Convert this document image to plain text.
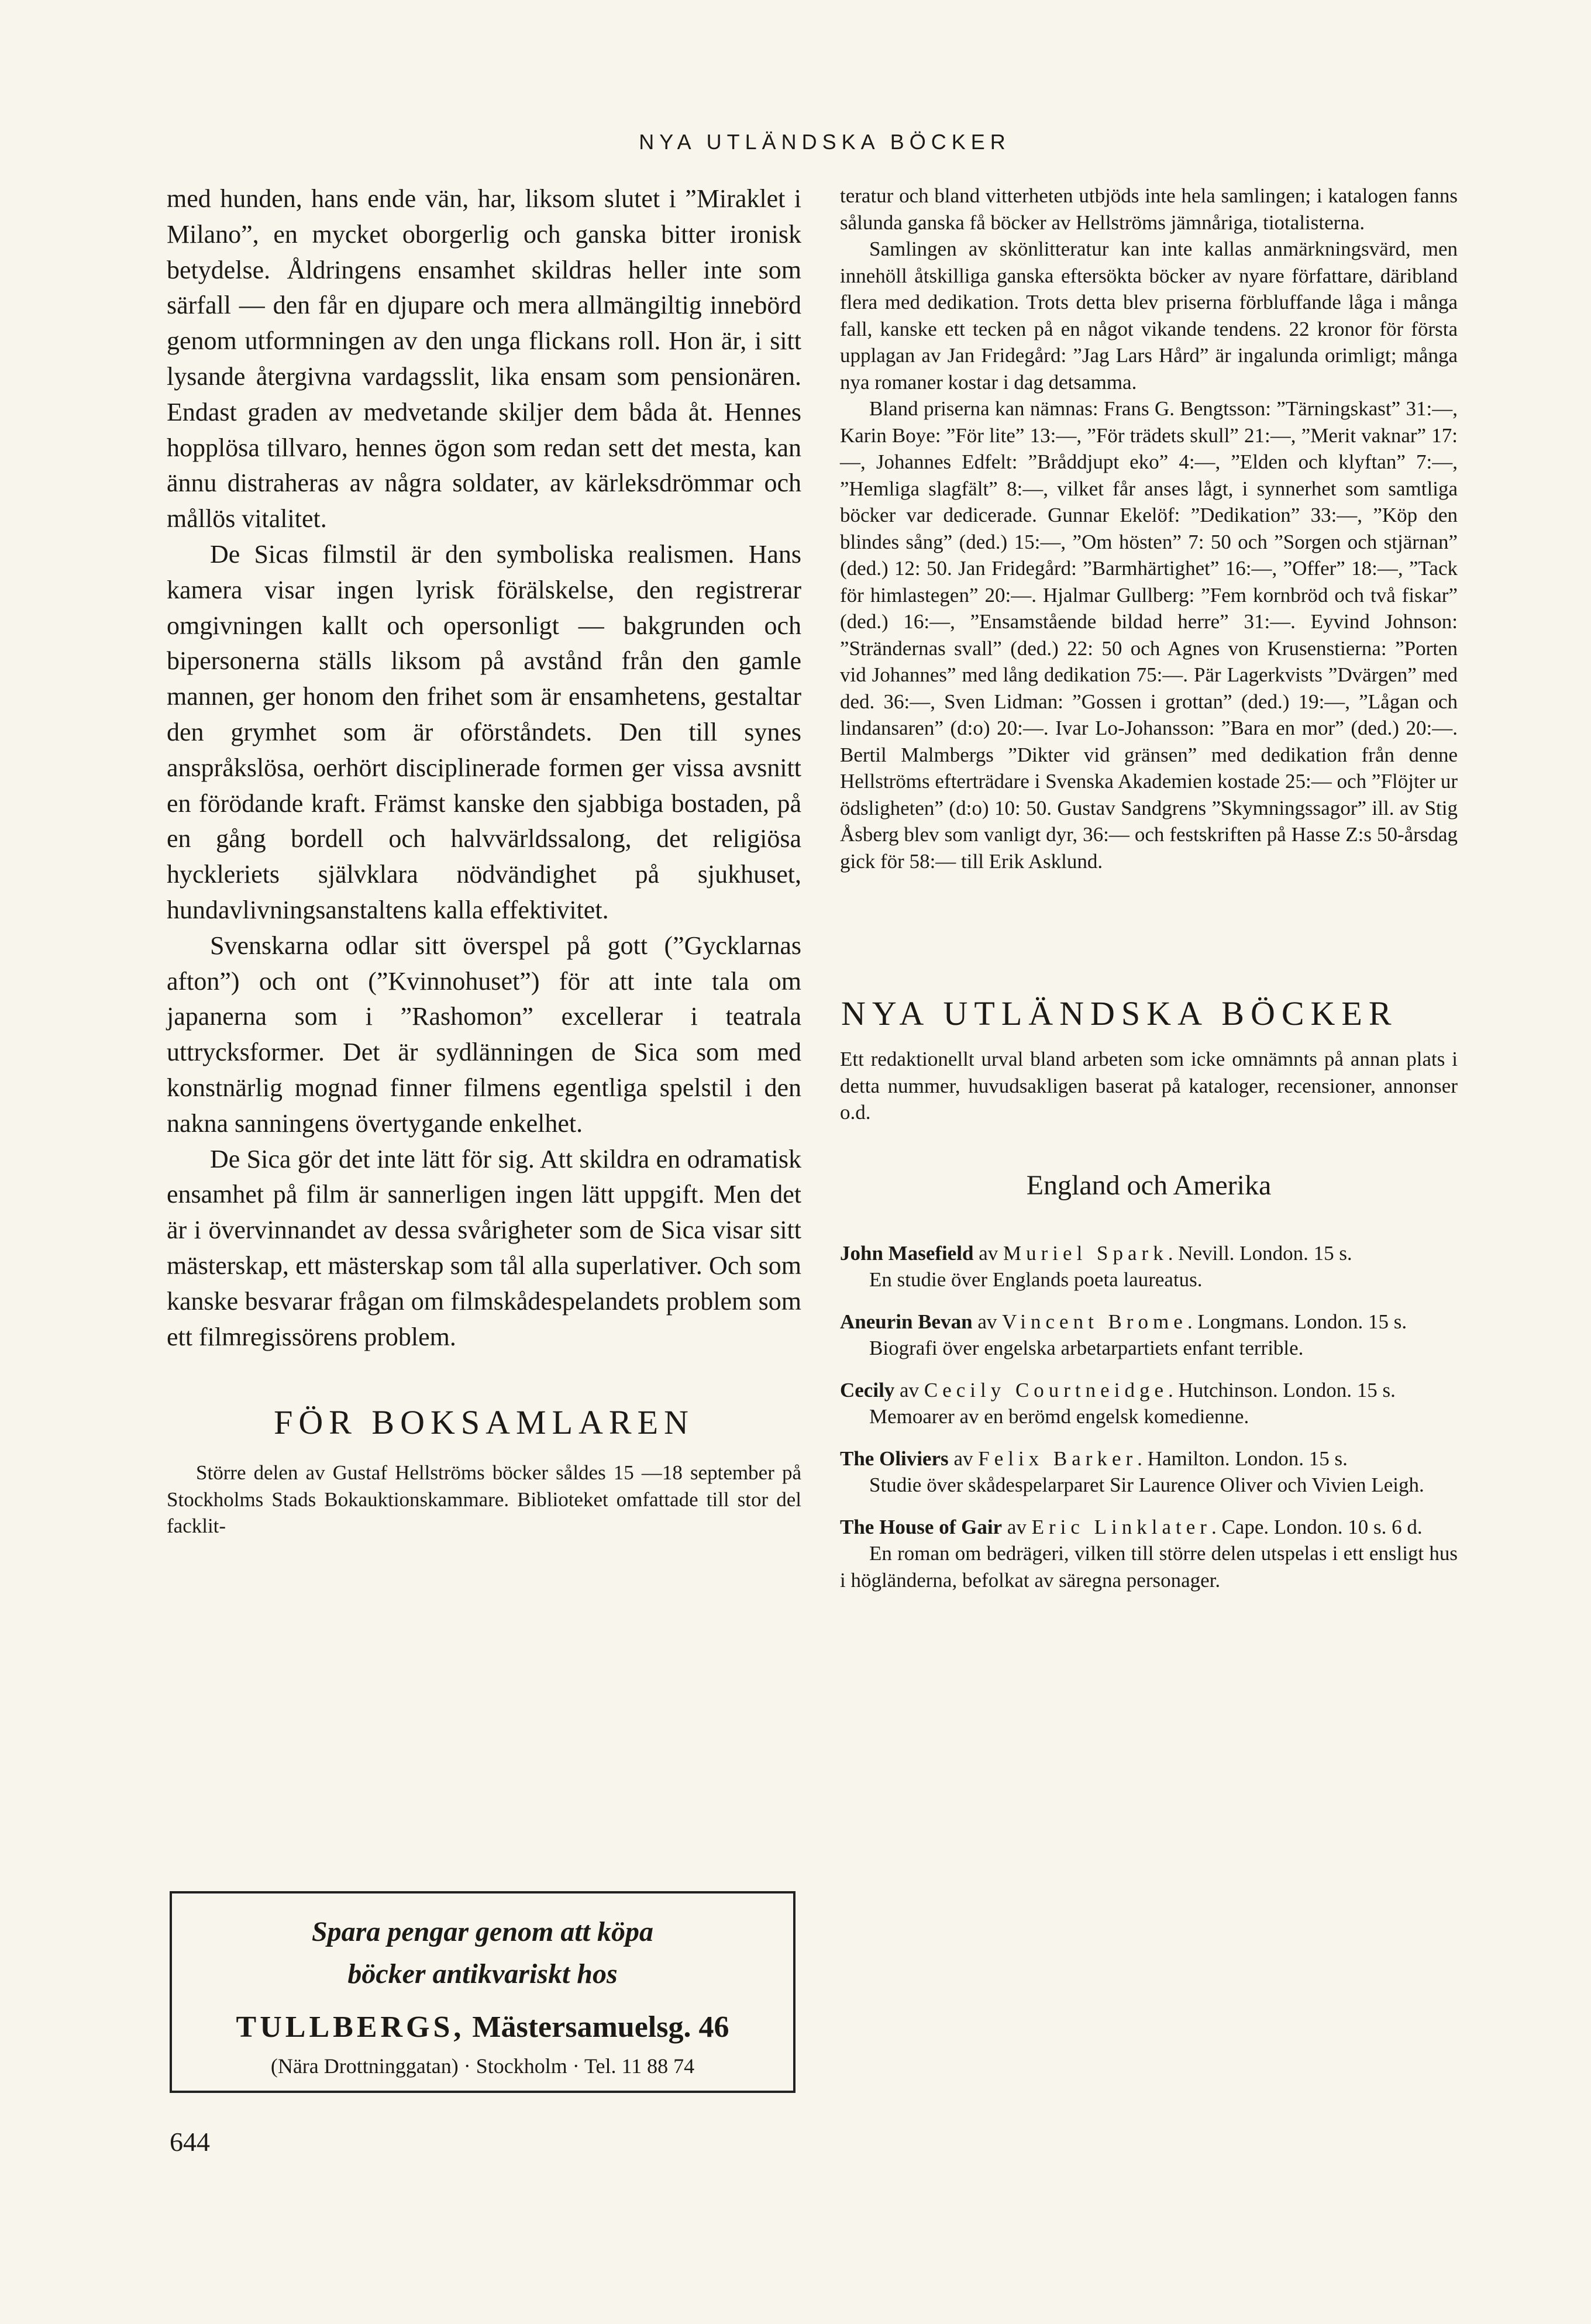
NYA UTLÄNDSKA BÖCKER

med hunden, hans ende vän, har, liksom slutet i ”Miraklet i Milano”, en mycket oborgerlig och ganska bitter ironisk betydelse. Åldringens ensamhet skildras heller inte som särfall — den får en djupare och mera allmängiltig innebörd genom utformningen av den unga flickans roll. Hon är, i sitt lysande återgivna vardagsslit, lika ensam som pensionären. Endast graden av medvetande skiljer dem båda åt. Hennes hopplösa tillvaro, hennes ögon som redan sett det mesta, kan ännu distraheras av några soldater, av kärleksdrömmar och mållös vitalitet.

De Sicas filmstil är den symboliska realismen. Hans kamera visar ingen lyrisk förälskelse, den registrerar omgivningen kallt och opersonligt — bakgrunden och bipersonerna ställs liksom på avstånd från den gamle mannen, ger honom den frihet som är ensamhetens, gestaltar den grymhet som är oförståndets. Den till synes anspråkslösa, oerhört disciplinerade formen ger vissa avsnitt en förödande kraft. Främst kanske den sjabbiga bostaden, på en gång bordell och halvvärldssalong, det religiösa hyckleriets självklara nödvändighet på sjukhuset, hundavlivningsanstaltens kalla effektivitet.

Svenskarna odlar sitt överspel på gott (”Gycklarnas afton”) och ont (”Kvinnohuset”) för att inte tala om japanerna som i ”Rashomon” excellerar i teatrala uttrycksformer. Det är sydlänningen de Sica som med konstnärlig mognad finner filmens egentliga spelstil i den nakna sanningens övertygande enkelhet.

De Sica gör det inte lätt för sig. Att skildra en odramatisk ensamhet på film är sannerligen ingen lätt uppgift. Men det är i övervinnandet av dessa svårigheter som de Sica visar sitt mästerskap, ett mästerskap som tål alla superlativer. Och som kanske besvarar frågan om filmskådespelandets problem som ett filmregissörens problem.

FÖR BOKSAMLAREN

Större delen av Gustaf Hellströms böcker såldes 15 —18 september på Stockholms Stads Bokauktionskammare. Biblioteket omfattade till stor del facklit-

Spara pengar genom att köpa

böcker antikvariskt hos

TULLBERGS, Mästersamuelsg. 46

(Nära Drottninggatan) · Stockholm · Tel. 11 88 74

teratur och bland vitterheten utbjöds inte hela samlingen; i katalogen fanns sålunda ganska få böcker av Hellströms jämnåriga, tiotalisterna.

Samlingen av skönlitteratur kan inte kallas anmärkningsvärd, men innehöll åtskilliga ganska eftersökta böcker av nyare författare, däribland flera med dedikation. Trots detta blev priserna förbluffande låga i många fall, kanske ett tecken på en något vikande tendens. 22 kronor för första upplagan av Jan Fridegård: ”Jag Lars Hård” är ingalunda orimligt; många nya romaner kostar i dag detsamma.

Bland priserna kan nämnas: Frans G. Bengtsson: ”Tärningskast” 31:—, Karin Boye: ”För lite” 13:—, ”För trädets skull” 21:—, ”Merit vaknar” 17:—, Johannes Edfelt: ”Bråddjupt eko” 4:—, ”Elden och klyftan” 7:—, ”Hemliga slagfält” 8:—, vilket får anses lågt, i synnerhet som samtliga böcker var dedicerade. Gunnar Ekelöf: ”Dedikation” 33:—, ”Köp den blindes sång” (ded.) 15:—, ”Om hösten” 7: 50 och ”Sorgen och stjärnan” (ded.) 12: 50. Jan Fridegård: ”Barmhärtighet” 16:—, ”Offer” 18:—, ”Tack för himlastegen” 20:—. Hjalmar Gullberg: ”Fem kornbröd och två fiskar” (ded.) 16:—, ”Ensamstående bildad herre” 31:—. Eyvind Johnson: ”Strändernas svall” (ded.) 22: 50 och Agnes von Krusenstierna: ”Porten vid Johannes” med lång dedikation 75:—. Pär Lagerkvists ”Dvärgen” med ded. 36:—, Sven Lidman: ”Gossen i grottan” (ded.) 19:—, ”Lågan och lindansaren” (d:o) 20:—. Ivar Lo-Johansson: ”Bara en mor” (ded.) 20:—. Bertil Malmbergs ”Dikter vid gränsen” med dedikation från denne Hellströms efterträdare i Svenska Akademien kostade 25:— och ”Flöjter ur ödsligheten” (d:o) 10: 50. Gustav Sandgrens ”Skymningssagor” ill. av Stig Åsberg blev som vanligt dyr, 36:— och festskriften på Hasse Z:s 50-årsdag gick för 58:— till Erik Asklund.

NYA UTLÄNDSKA BÖCKER

Ett redaktionellt urval bland arbeten som icke omnämnts på annan plats i detta nummer, huvudsakligen baserat på kataloger, recensioner, annonser o.d.

England och Amerika

John Masefield av Muriel Spark. Nevill. London. 15 s.

En studie över Englands poeta laureatus.

Aneurin Bevan av Vincent Brome. Longmans. London. 15 s.

Biografi över engelska arbetarpartiets enfant terrible.

Cecily av Cecily Courtneidge. Hutchinson. London. 15 s.

Memoarer av en berömd engelsk komedienne.

The Oliviers av Felix Barker. Hamilton. London. 15 s.

Studie över skådespelarparet Sir Laurence Oliver och Vivien Leigh.

The House of Gair av Eric Linklater. Cape. London. 10 s. 6 d.

En roman om bedrägeri, vilken till större delen utspelas i ett ensligt hus i högländerna, befolkat av säregna personager.

644
